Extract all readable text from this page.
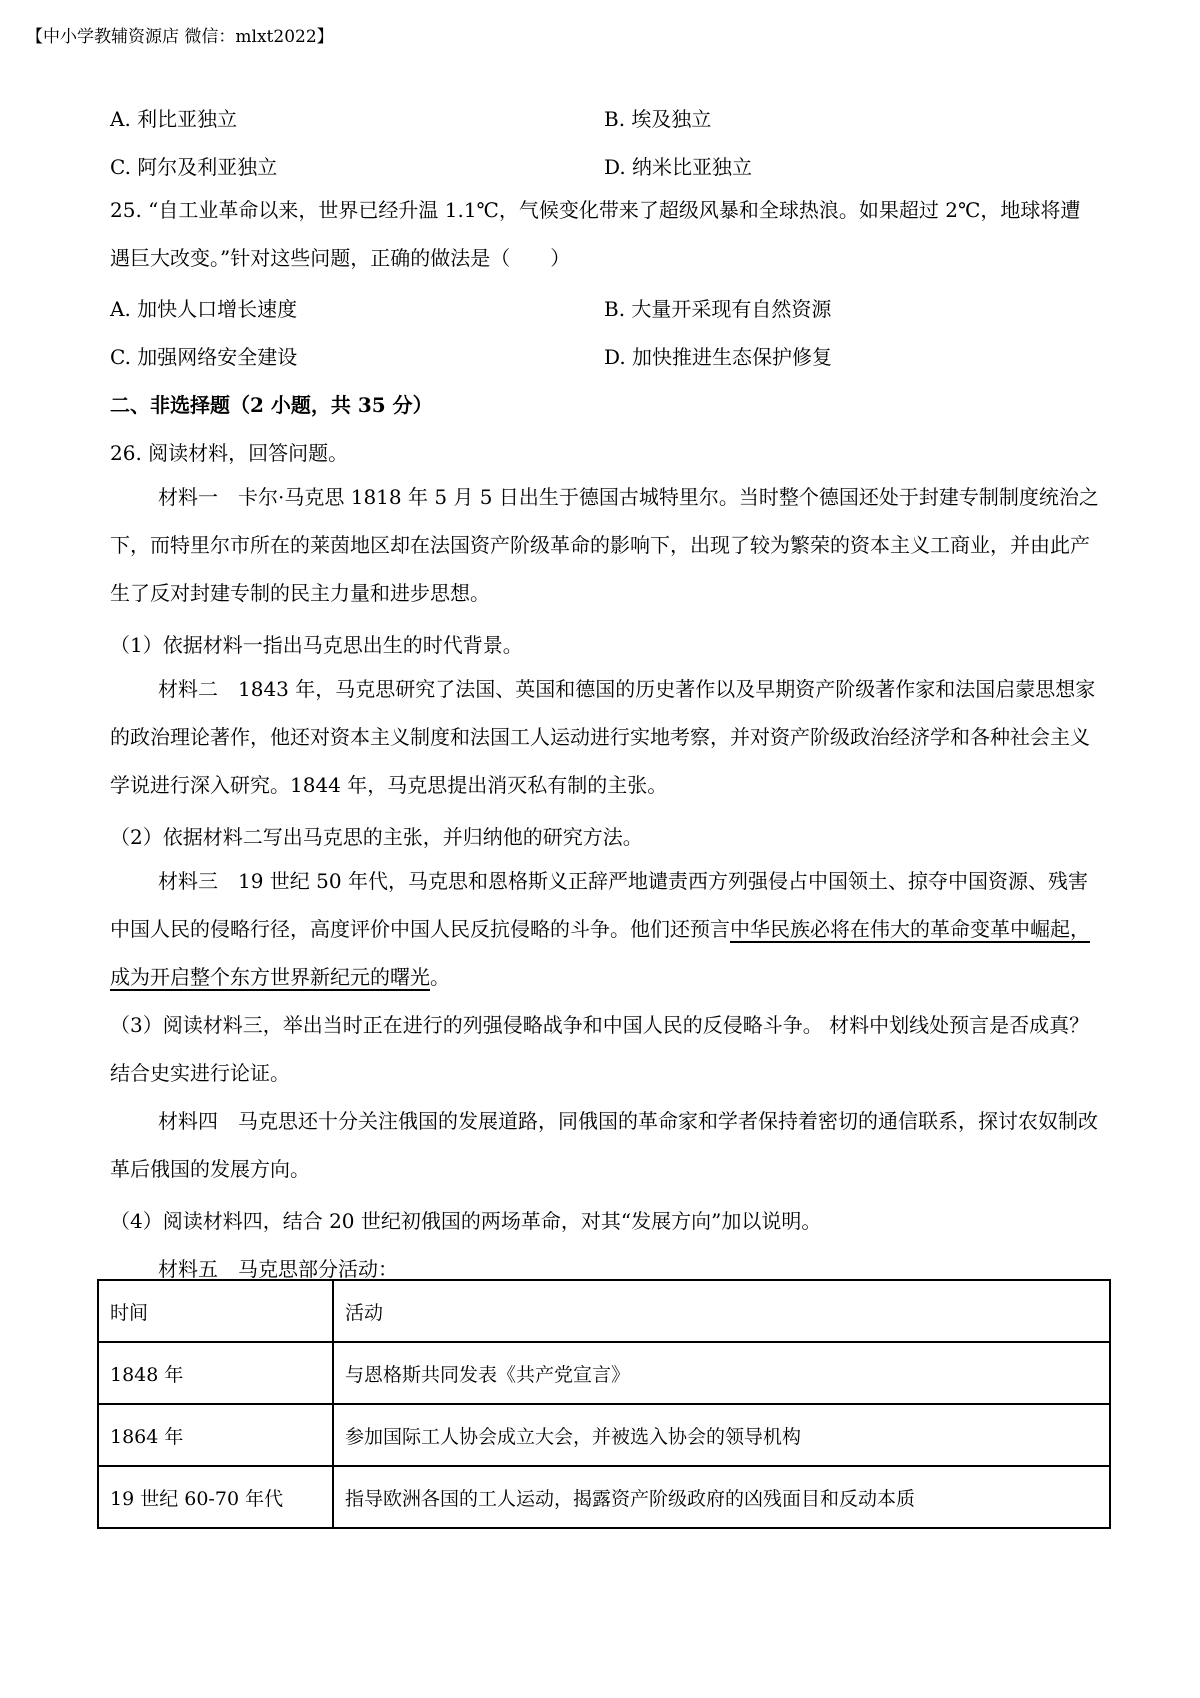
【中小学教辅资源店 微信：mlxt2022】
A. 利比亚独立	B. 埃及独立
C. 阿尔及利亚独立	D. 纳米比亚独立
25. “自工业革命以来，世界已经升温 1.1℃，气候变化带来了超级风暴和全球热浪。如果超过 2℃，地球将遭遇巨大改变。”针对这些问题，正确的做法是（　　）
A. 加快人口增长速度	B. 大量开采现有自然资源
C. 加强网络安全建设	D. 加快推进生态保护修复
二、非选择题（2 小题，共 35 分）
26. 阅读材料，回答问题。
材料一　卡尔·马克思 1818 年 5 月 5 日出生于德国古城特里尔。当时整个德国还处于封建专制制度统治之下，而特里尔市所在的莱茵地区却在法国资产阶级革命的影响下，出现了较为繁荣的资本主义工商业，并由此产生了反对封建专制的民主力量和进步思想。
（1）依据材料一指出马克思出生的时代背景。
材料二　1843 年，马克思研究了法国、英国和德国的历史著作以及早期资产阶级著作家和法国启蒙思想家的政治理论著作，他还对资本主义制度和法国工人运动进行实地考察，并对资产阶级政治经济学和各种社会主义学说进行深入研究。1844 年，马克思提出消灭私有制的主张。
（2）依据材料二写出马克思的主张，并归纳他的研究方法。
材料三　19 世纪 50 年代，马克思和恩格斯义正辞严地谴责西方列强侵占中国领土、掠夺中国资源、残害中国人民的侵略行径，高度评价中国人民反抗侵略的斗争。他们还预言中华民族必将在伟大的革命变革中崛起，成为开启整个东方世界新纪元的曙光。
（3）阅读材料三，举出当时正在进行的列强侵略战争和中国人民的反侵略斗争。 材料中划线处预言是否成真？结合史实进行论证。
材料四　马克思还十分关注俄国的发展道路，同俄国的革命家和学者保持着密切的通信联系，探讨农奴制改革后俄国的发展方向。
（4）阅读材料四，结合 20 世纪初俄国的两场革命，对其“发展方向”加以说明。
材料五　马克思部分活动：
时间	活动
1848 年	与恩格斯共同发表《共产党宣言》
1864 年	参加国际工人协会成立大会，并被选入协会的领导机构
19 世纪 60-70 年代	指导欧洲各国的工人运动，揭露资产阶级政府的凶残面目和反动本质
